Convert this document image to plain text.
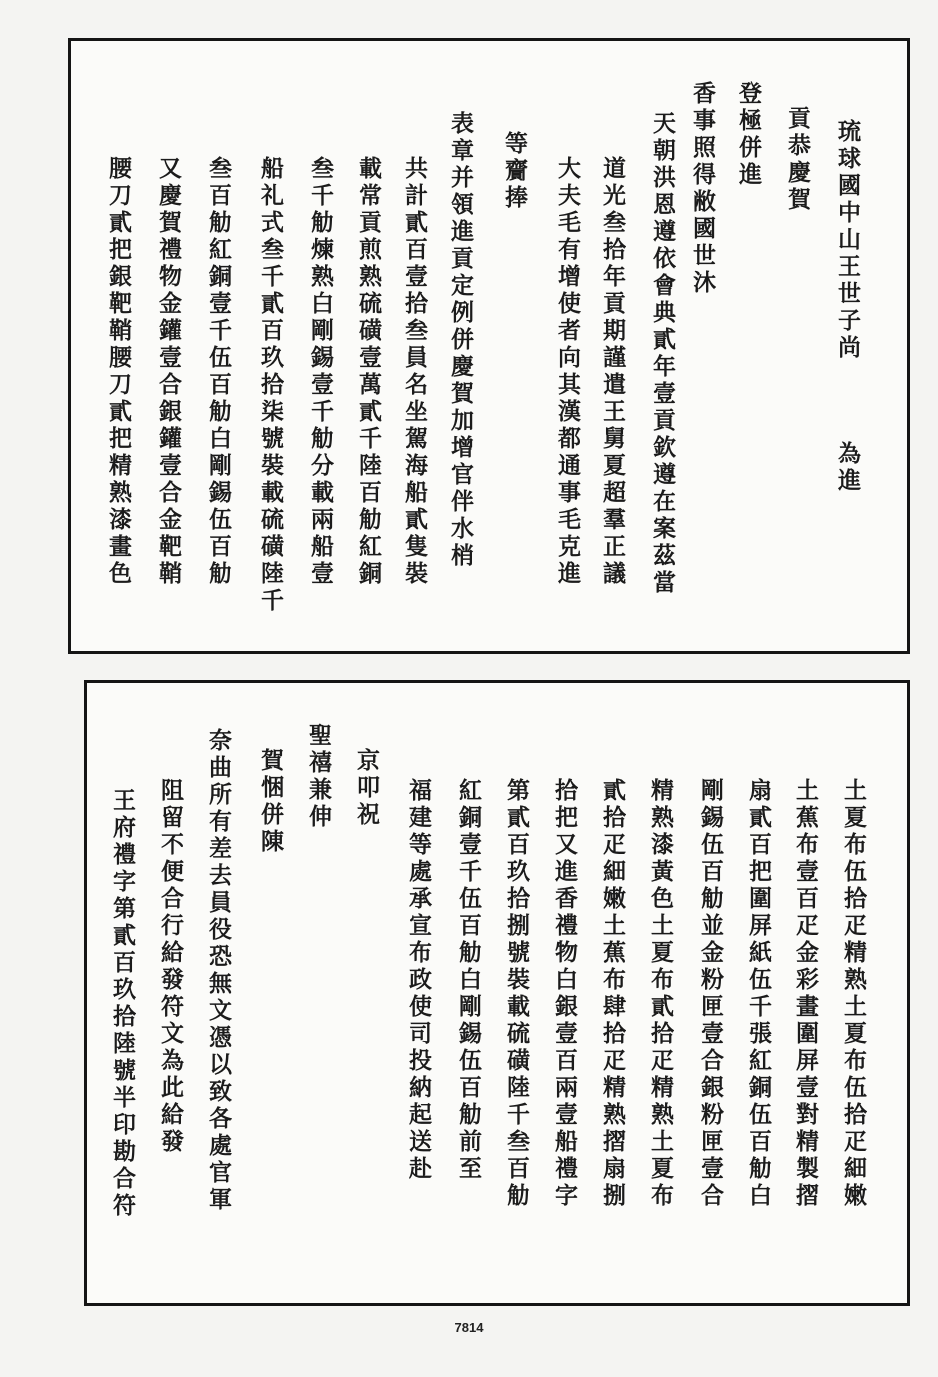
琉球國中山王世子尚
為進
貢恭慶賀
登極併進
香事照得敝國世沐
天朝洪恩遵依會典貳年壹貢欽遵在案茲當
道光叁拾年貢期謹遣王舅夏超羣正議
大夫毛有增使者向其漢都通事毛克進
等齎捧
表章并領進貢定例併慶賀加增官伴水梢
共計貳百壹拾叁員名坐駕海船貳隻裝
載常貢煎熟硫磺壹萬貳千陸百觔紅銅
叁千觔煉熟白剛錫壹千觔分載兩船壹
船礼式叁千貳百玖拾柒號裝載硫磺陸千
叁百觔紅銅壹千伍百觔白剛錫伍百觔
又慶賀禮物金鑵壹合銀鑵壹合金靶鞘
腰刀貳把銀靶鞘腰刀貳把精熟漆畫色
土夏布伍拾疋精熟土夏布伍拾疋細嫩
土蕉布壹百疋金彩畫圍屏壹對精製摺
扇貳百把圍屏紙伍千張紅銅伍百觔白
剛錫伍百觔並金粉匣壹合銀粉匣壹合
精熟漆黃色土夏布貳拾疋精熟土夏布
貳拾疋細嫩土蕉布肆拾疋精熟摺扇捌
拾把又進香禮物白銀壹百兩壹船禮字
第貳百玖拾捌號裝載硫磺陸千叁百觔
紅銅壹千伍百觔白剛錫伍百觔前至
福建等處承宣布政使司投納起送赴
京叩祝
聖禧兼伸
賀悃併陳
奈曲所有差去員役恐無文憑以致各處官軍
阻留不便合行給發符文為此給發
王府禮字第貳百玖拾陸號半印勘合符
7814
